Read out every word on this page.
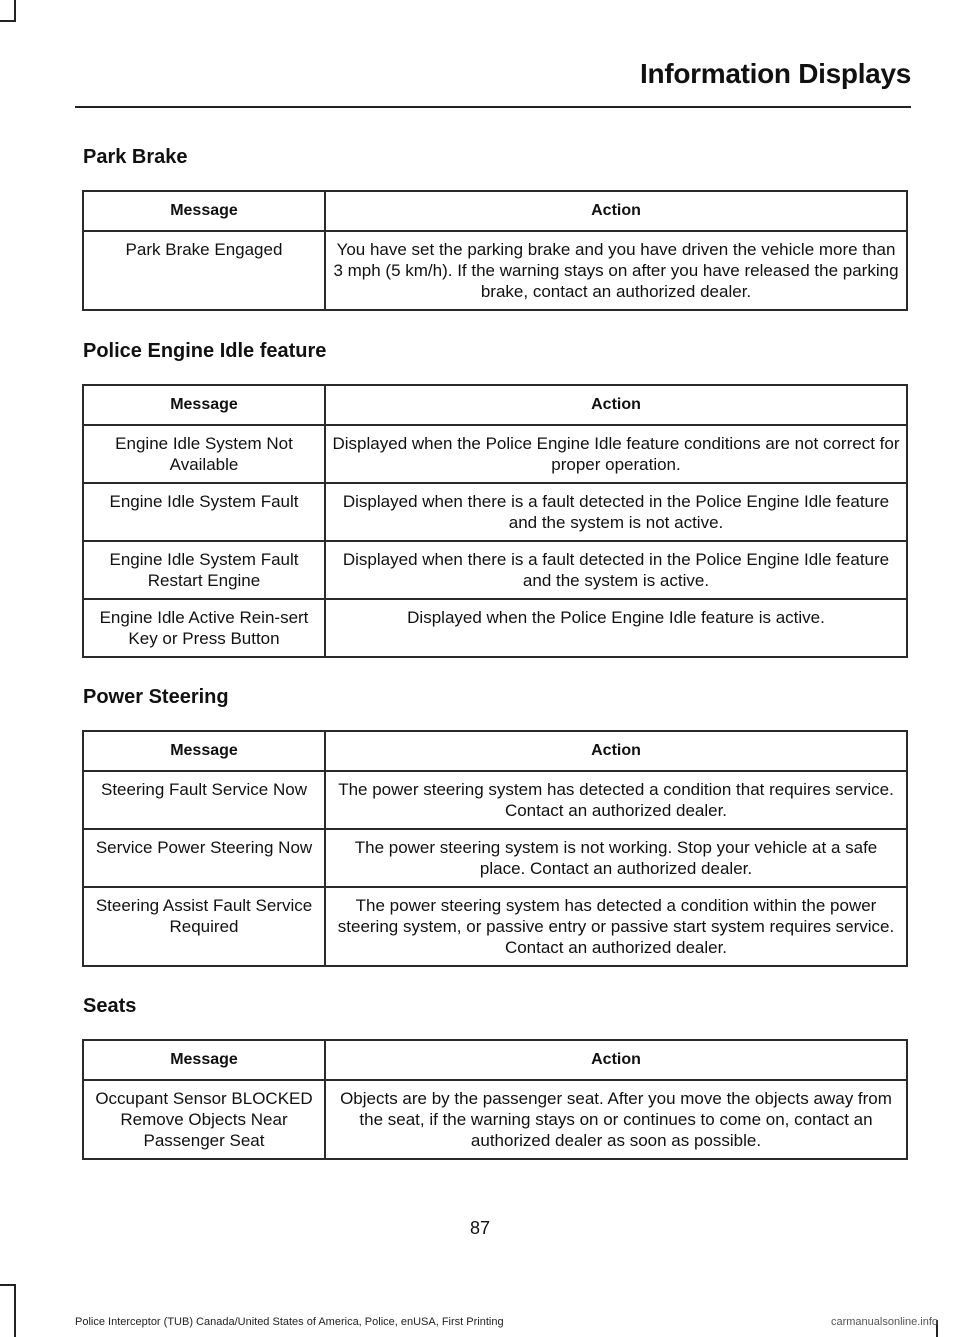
Information Displays
Park Brake
Message	Action
Park Brake Engaged	You have set the parking brake and you have driven the vehicle more than 3 mph (5 km/h). If the warning stays on after you have released the parking brake, contact an authorized dealer.
Police Engine Idle feature
Message	Action
Engine Idle System Not Available	Displayed when the Police Engine Idle feature conditions are not correct for proper operation.
Engine Idle System Fault	Displayed when there is a fault detected in the Police Engine Idle feature and the system is not active.
Engine Idle System Fault Restart Engine	Displayed when there is a fault detected in the Police Engine Idle feature and the system is active.
Engine Idle Active Rein-sert Key or Press Button	Displayed when the Police Engine Idle feature is active.
Power Steering
Message	Action
Steering Fault Service Now	The power steering system has detected a condition that requires service. Contact an authorized dealer.
Service Power Steering Now	The power steering system is not working. Stop your vehicle at a safe place. Contact an authorized dealer.
Steering Assist Fault Service Required	The power steering system has detected a condition within the power steering system, or passive entry or passive start system requires service. Contact an authorized dealer.
Seats
Message	Action
Occupant Sensor BLOCKED Remove Objects Near Passenger Seat	Objects are by the passenger seat. After you move the objects away from the seat, if the warning stays on or continues to come on, contact an authorized dealer as soon as possible.
87
Police Interceptor (TUB) Canada/United States of America, Police, enUSA, First Printing	carmanualsonline.info
